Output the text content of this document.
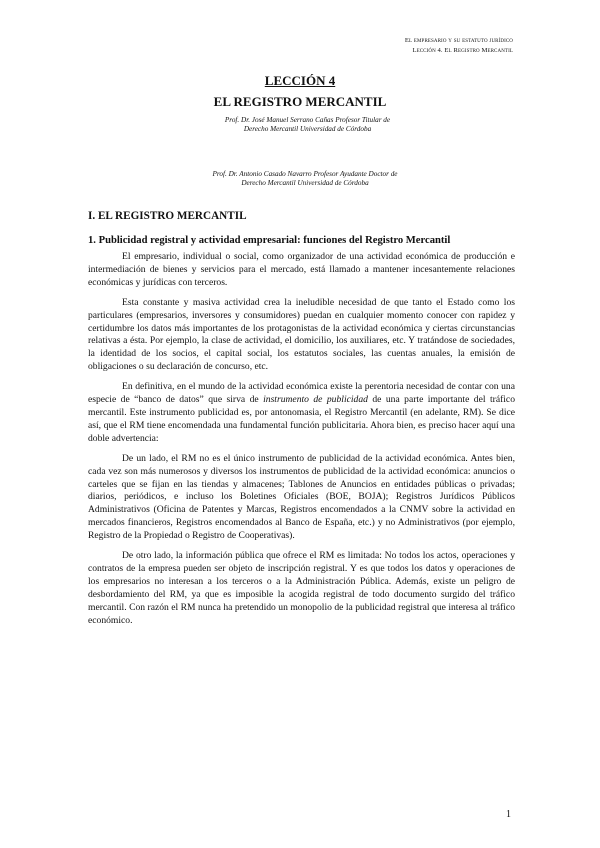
El empresario y su estatuto jurídico
Lección 4. El Registro Mercantil
LECCIÓN 4
EL REGISTRO MERCANTIL
Prof. Dr. José Manuel Serrano Cañas Profesor Titular de Derecho Mercantil Universidad de Córdoba
Prof. Dr. Antonio Casado Navarro Profesor Ayudante Doctor de Derecho Mercantil Universidad de Córdoba
I. EL REGISTRO MERCANTIL
1. Publicidad registral y actividad empresarial: funciones del Registro Mercantil

El empresario, individual o social, como organizador de una actividad económica de producción e intermediación de bienes y servicios para el mercado, está llamado a mantener incesantemente relaciones económicas y jurídicas con terceros.

Esta constante y masiva actividad crea la ineludible necesidad de que tanto el Estado como los particulares (empresarios, inversores y consumidores) puedan en cualquier momento conocer con rapidez y certidumbre los datos más importantes de los protagonistas de la actividad económica y ciertas circunstancias relativas a ésta. Por ejemplo, la clase de actividad, el domicilio, los auxiliares, etc. Y tratándose de sociedades, la identidad de los socios, el capital social, los estatutos sociales, las cuentas anuales, la emisión de obligaciones o su declaración de concurso, etc.

En definitiva, en el mundo de la actividad económica existe la perentoria necesidad de contar con una especie de “banco de datos” que sirva de instrumento de publicidad de una parte importante del tráfico mercantil. Este instrumento publicidad es, por antonomasia, el Registro Mercantil (en adelante, RM). Se dice así, que el RM tiene encomendada una fundamental función publicitaria. Ahora bien, es preciso hacer aquí una doble advertencia:

De un lado, el RM no es el único instrumento de publicidad de la actividad económica. Antes bien, cada vez son más numerosos y diversos los instrumentos de publicidad de la actividad económica: anuncios o carteles que se fijan en las tiendas y almacenes; Tablones de Anuncios en entidades públicas o privadas; diarios, periódicos, e incluso los Boletines Oficiales (BOE, BOJA); Registros Jurídicos Públicos Administrativos (Oficina de Patentes y Marcas, Registros encomendados a la CNMV sobre la actividad en mercados financieros, Registros encomendados al Banco de España, etc.) y no Administrativos (por ejemplo, Registro de la Propiedad o Registro de Cooperativas).

De otro lado, la información pública que ofrece el RM es limitada: No todos los actos, operaciones y contratos de la empresa pueden ser objeto de inscripción registral. Y es que todos los datos y operaciones de los empresarios no interesan a los terceros o a la Administración Pública. Además, existe un peligro de desbordamiento del RM, ya que es imposible la acogida registral de todo documento surgido del tráfico mercantil. Con razón el RM nunca ha pretendido un monopolio de la publicidad registral que interesa al tráfico económico.

1
